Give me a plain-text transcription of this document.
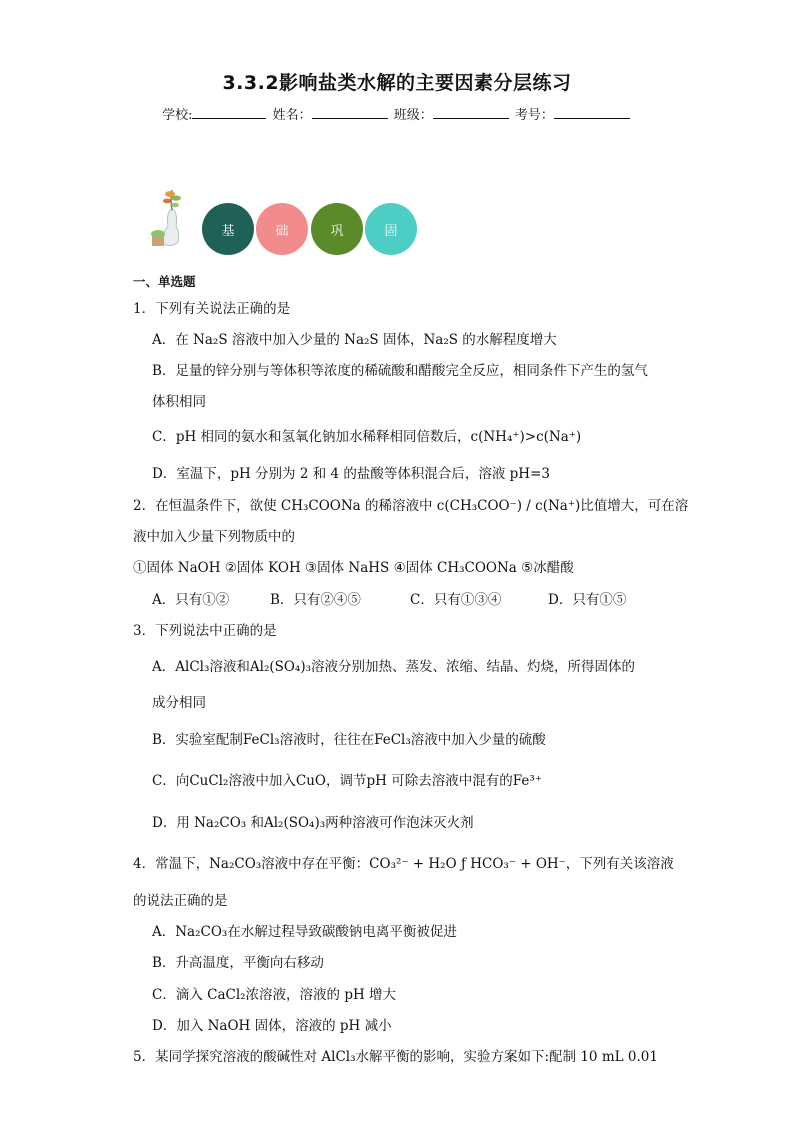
3.3.2影响盐类水解的主要因素分层练习
学校:	姓名：	班级：	考号：
基	础	巩	固
一、单选题
1．下列有关说法正确的是
A．在 Na₂S 溶液中加入少量的 Na₂S 固体，Na₂S 的水解程度增大
B．足量的锌分别与等体积等浓度的稀硫酸和醋酸完全反应，相同条件下产生的氢气
体积相同
C．pH 相同的氨水和氢氧化钠加水稀释相同倍数后，c(NH₄⁺)>c(Na⁺)
D．室温下，pH 分别为 2 和 4 的盐酸等体积混合后，溶液 pH=3
2．在恒温条件下，欲使 CH₃COONa 的稀溶液中 c(CH₃COO⁻) / c(Na⁺)比值增大，可在溶
液中加入少量下列物质中的
①固体 NaOH ②固体 KOH ③固体 NaHS ④固体 CH₃COONa ⑤冰醋酸
A．只有①②	B．只有②④⑤	C．只有①③④	D．只有①⑤
3．下列说法中正确的是
A．AlCl₃溶液和Al₂(SO₄)₃溶液分别加热、蒸发、浓缩、结晶、灼烧，所得固体的
成分相同
B．实验室配制FeCl₃溶液时，往往在FeCl₃溶液中加入少量的硫酸
C．向CuCl₂溶液中加入CuO，调节pH 可除去溶液中混有的Fe³⁺
D．用 Na₂CO₃ 和Al₂(SO₄)₃两种溶液可作泡沫灭火剂
4．常温下，Na₂CO₃溶液中存在平衡：CO₃²⁻ + H₂O ƒ HCO₃⁻ + OH⁻，下列有关该溶液
的说法正确的是
A．Na₂CO₃在水解过程导致碳酸钠电离平衡被促进
B．升高温度，平衡向右移动
C．滴入 CaCl₂浓溶液，溶液的 pH 增大
D．加入 NaOH 固体，溶液的 pH 减小
5．某同学探究溶液的酸碱性对 AlCl₃水解平衡的影响，实验方案如下:配制 10 mL 0.01
